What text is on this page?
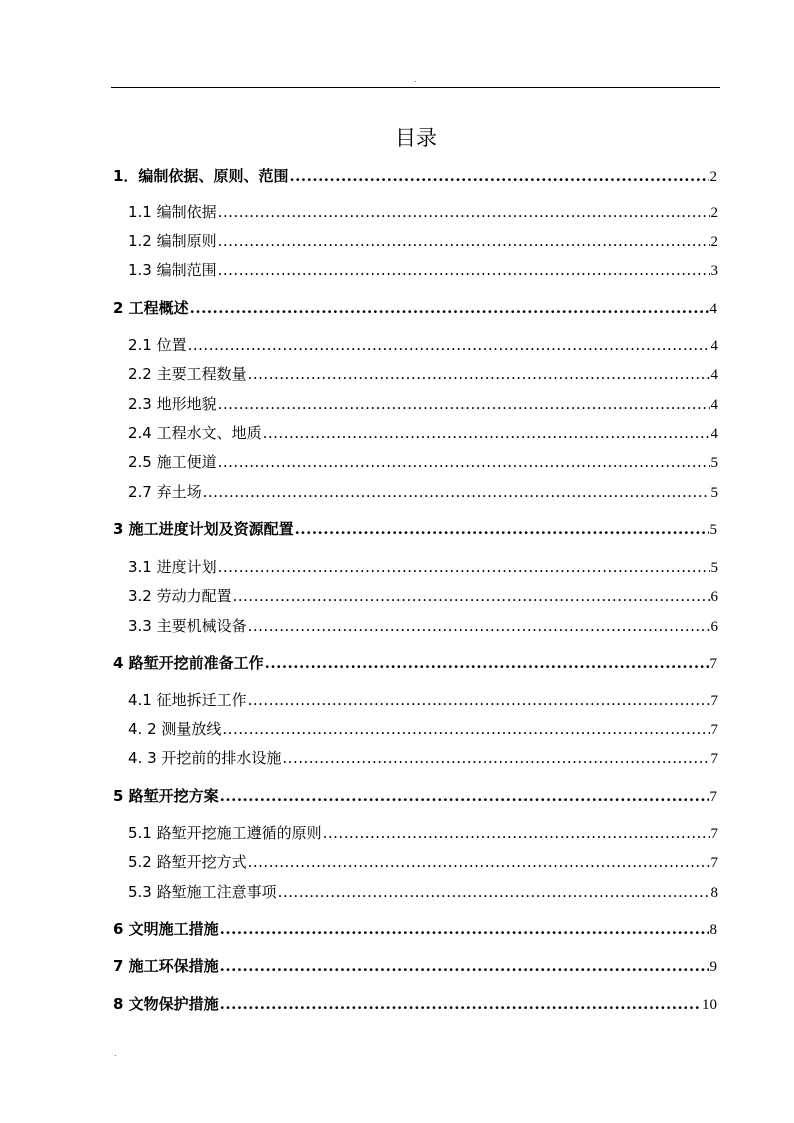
.
目录
1．编制依据、原则、范围 .....	2
1.1 编制依据 .....	2
1.2 编制原则 .....	2
1.3 编制范围 .....	3
2 工程概述 .....	4
2.1 位置 .....	4
2.2 主要工程数量 .....	4
2.3 地形地貌 .....	4
2.4 工程水文、地质 .....	4
2.5 施工便道 .....	5
2.7 弃土场 .....	5
3 施工进度计划及资源配置 .....	5
3.1 进度计划 .....	5
3.2 劳动力配置 .....	6
3.3 主要机械设备 .....	6
4 路堑开挖前准备工作 .....	7
4.1 征地拆迁工作 .....	7
4. 2 测量放线 .....	7
4. 3 开挖前的排水设施 .....	7
5 路堑开挖方案 .....	7
5.1 路堑开挖施工遵循的原则 .....	7
5.2 路堑开挖方式 .....	7
5.3 路堑施工注意事项 .....	8
6 文明施工措施 .....	8
7 施工环保措施 .....	9
8 文物保护措施 .....	10
.
